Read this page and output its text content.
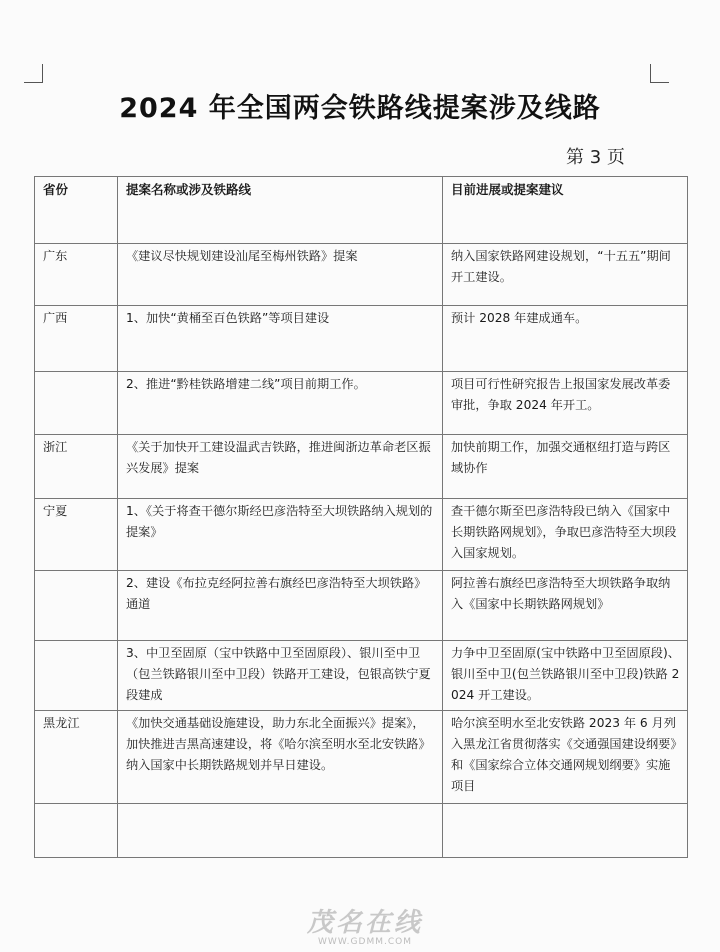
2024 年全国两会铁路线提案涉及线路
第 3 页
省份	提案名称或涉及铁路线	目前进展或提案建议
广东	《建议尽快规划建设汕尾至梅州铁路》提案	纳入国家铁路网建设规划，“十五五”期间开工建设。
广西	1、加快“黄桶至百色铁路”等项目建设	预计 2028 年建成通车。
	2、推进“黔桂铁路增建二线”项目前期工作。	项目可行性研究报告上报国家发展改革委审批，争取 2024 年开工。
浙江	《关于加快开工建设温武吉铁路，推进闽浙边革命老区振兴发展》提案	加快前期工作，加强交通枢纽打造与跨区域协作
宁夏	1、《关于将查干德尔斯经巴彦浩特至大坝铁路纳入规划的提案》	查干德尔斯至巴彦浩特段已纳入《国家中长期铁路网规划》，争取巴彦浩特至大坝段入国家规划。
	2、建设《布拉克经阿拉善右旗经巴彦浩特至大坝铁路》通道	阿拉善右旗经巴彦浩特至大坝铁路争取纳入《国家中长期铁路网规划》
	3、中卫至固原（宝中铁路中卫至固原段）、银川至中卫（包兰铁路银川至中卫段）铁路开工建设，包银高铁宁夏段建成	力争中卫至固原(宝中铁路中卫至固原段)、银川至中卫(包兰铁路银川至中卫段)铁路 2024 开工建设。
黑龙江	《加快交通基础设施建设，助力东北全面振兴》提案》，加快推进吉黑高速建设，将《哈尔滨至明水至北安铁路》纳入国家中长期铁路规划并早日建设。	哈尔滨至明水至北安铁路 2023 年 6 月列入黑龙江省贯彻落实《交通强国建设纲要》和《国家综合立体交通网规划纲要》实施项目

茂名在线
WWW.GDMM.COM
